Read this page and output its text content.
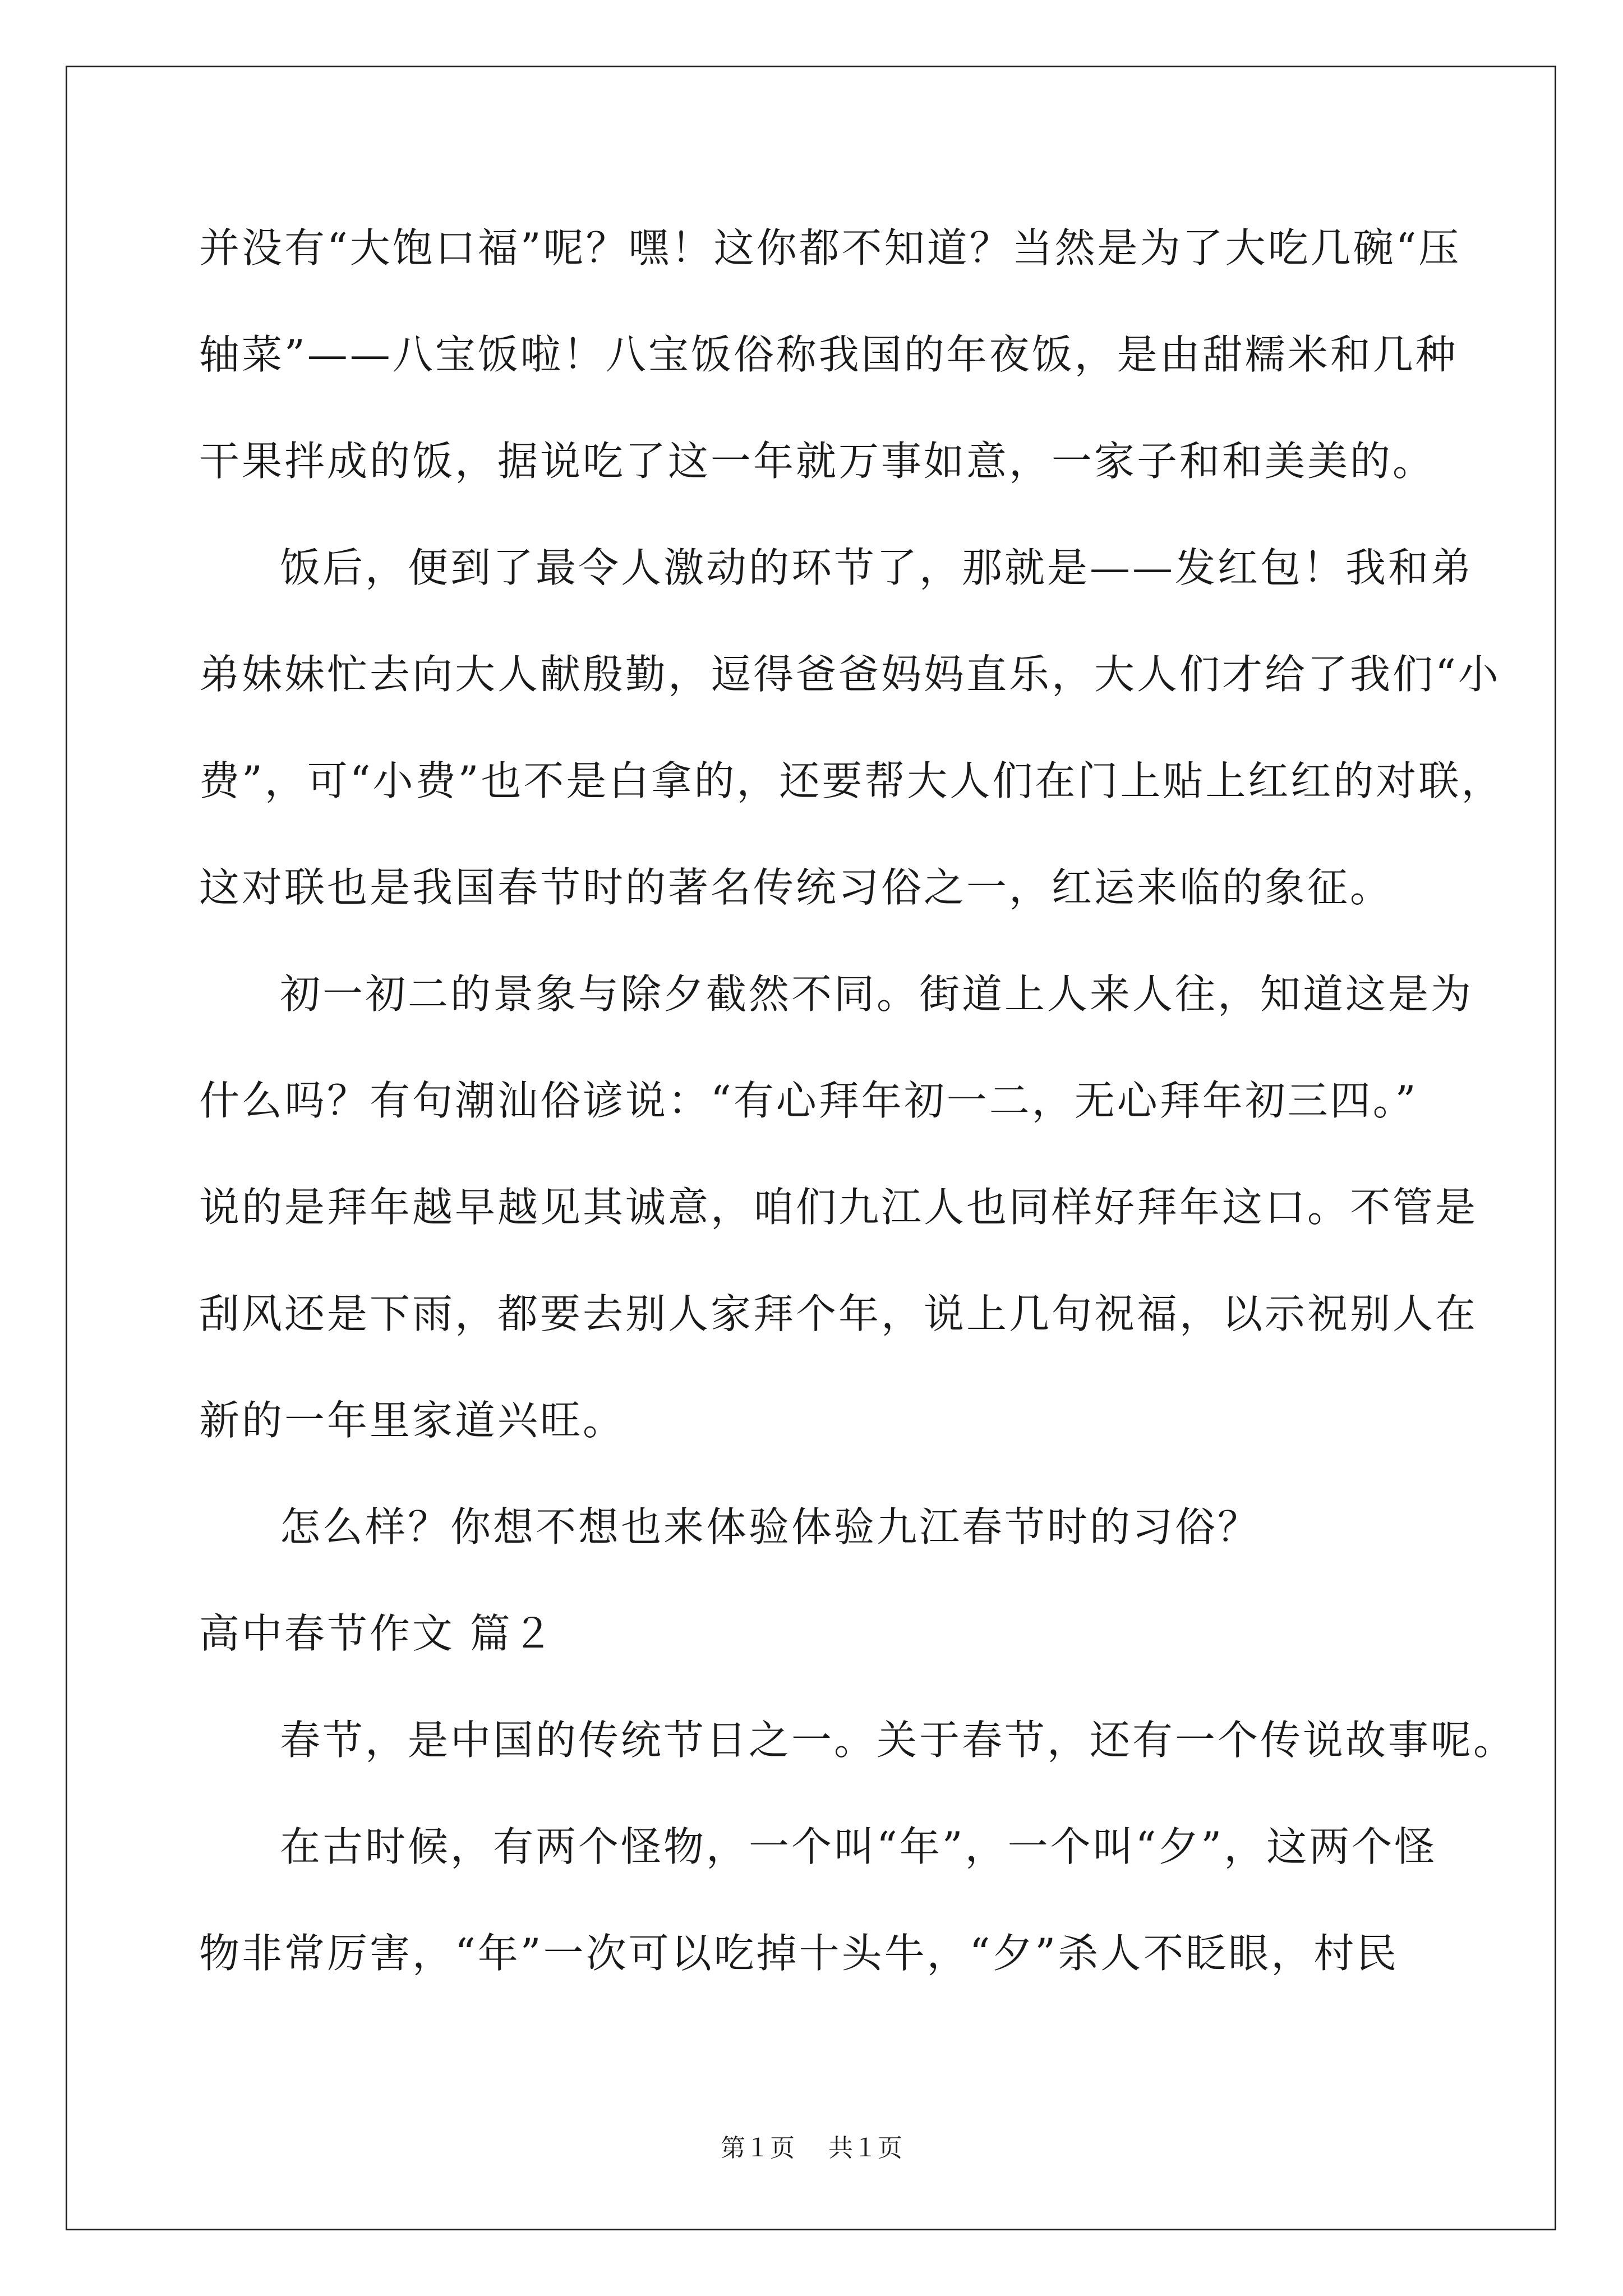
并没有“大饱口福”呢？嘿！这你都不知道？当然是为了大吃几碗“压
轴菜”——八宝饭啦！八宝饭俗称我国的年夜饭，是由甜糯米和几种
干果拌成的饭，据说吃了这一年就万事如意，一家子和和美美的。
饭后，便到了最令人激动的环节了，那就是——发红包！我和弟
弟妹妹忙去向大人献殷勤，逗得爸爸妈妈直乐，大人们才给了我们“小
费”，可“小费”也不是白拿的，还要帮大人们在门上贴上红红的对联，
这对联也是我国春节时的著名传统习俗之一，红运来临的象征。
初一初二的景象与除夕截然不同。街道上人来人往，知道这是为
什么吗？有句潮汕俗谚说：“有心拜年初一二，无心拜年初三四。”
说的是拜年越早越见其诚意，咱们九江人也同样好拜年这口。不管是
刮风还是下雨，都要去别人家拜个年，说上几句祝福，以示祝别人在
新的一年里家道兴旺。
怎么样？你想不想也来体验体验九江春节时的习俗？
高中春节作文 篇２
春节，是中国的传统节日之一。关于春节，还有一个传说故事呢。
在古时候，有两个怪物，一个叫“年”，一个叫“夕”，这两个怪
物非常厉害，“年”一次可以吃掉十头牛，“夕”杀人不眨眼，村民
第１页 共１页
